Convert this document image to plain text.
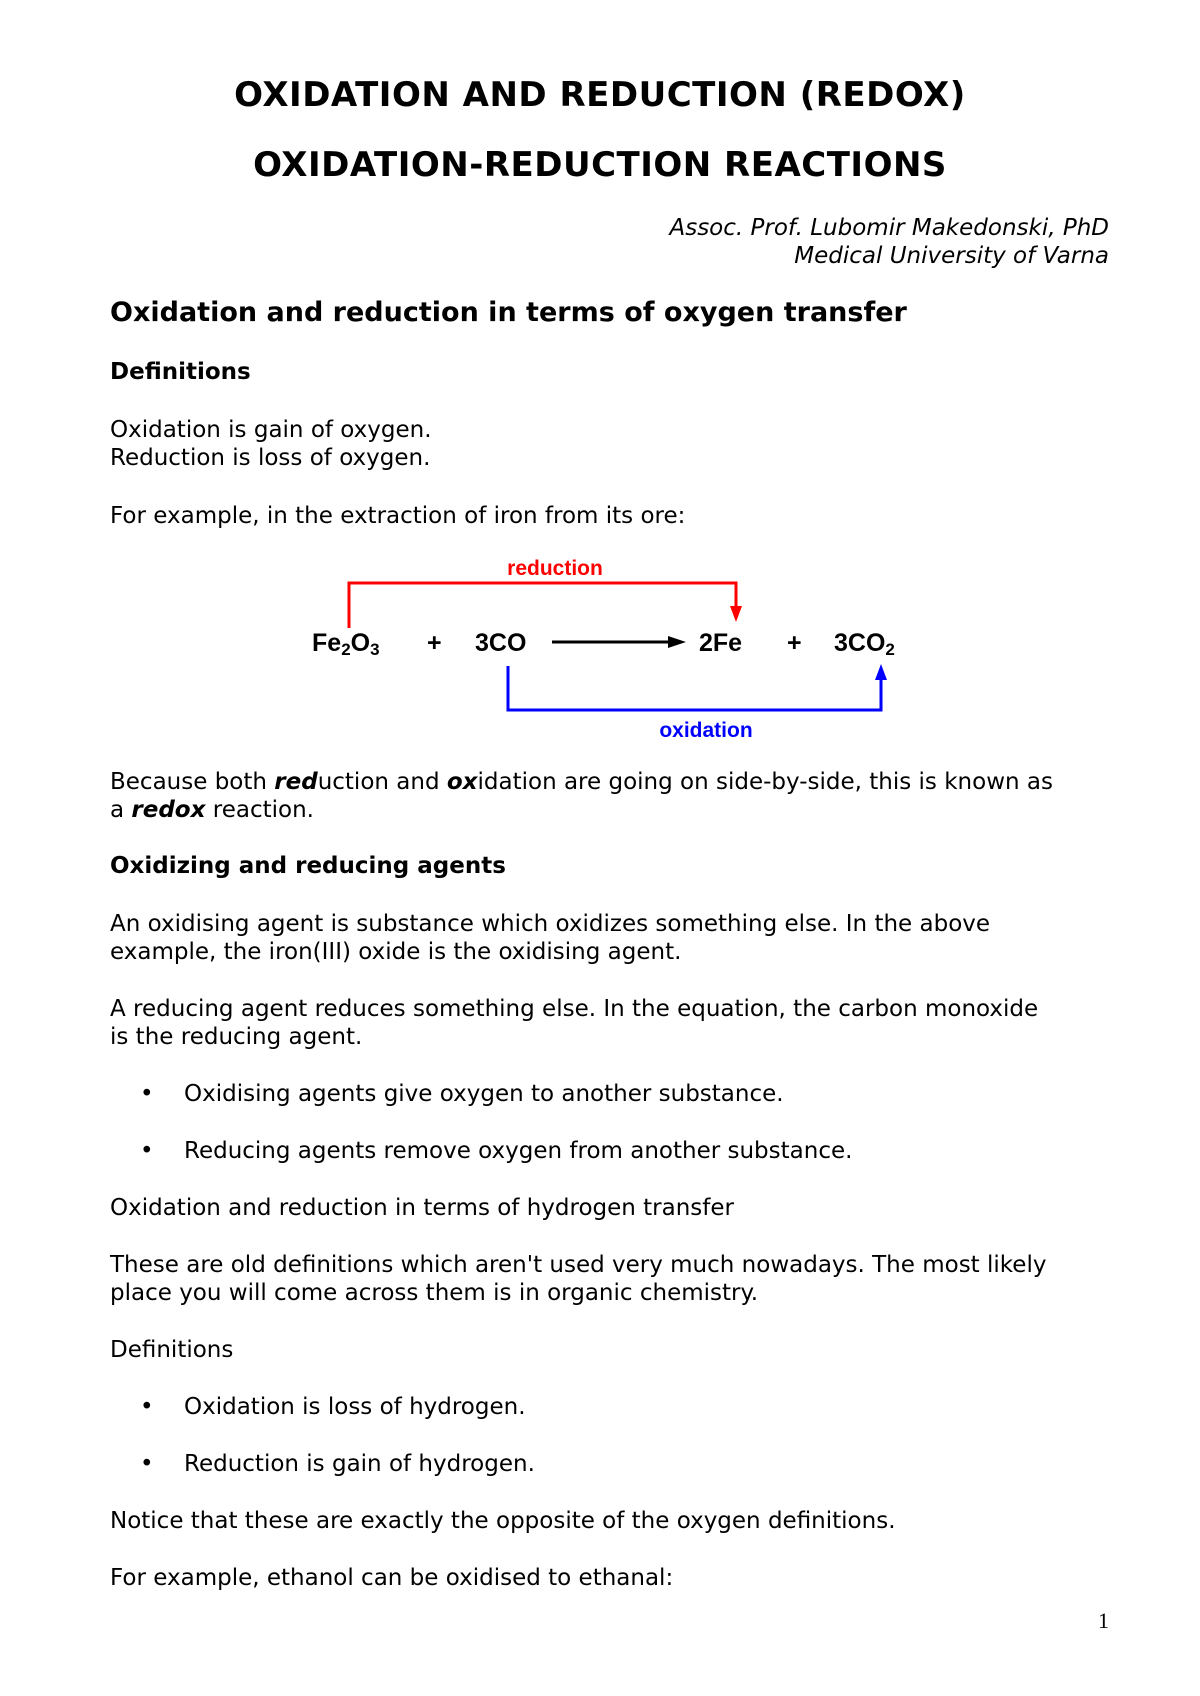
OXIDATION AND REDUCTION (REDOX)
OXIDATION-REDUCTION REACTIONS
Assoc. Prof. Lubomir Makedonski, PhD
Medical University of Varna
Oxidation and reduction in terms of oxygen transfer
Definitions
Oxidation is gain of oxygen.
Reduction is loss of oxygen.
For example, in the extraction of iron from its ore:
reduction
Fe2O3 + 3CO	2Fe + 3CO2
oxidation
Because both reduction and oxidation are going on side-by-side, this is known as
a redox reaction.
Oxidizing and reducing agents
An oxidising agent is substance which oxidizes something else. In the above
example, the iron(III) oxide is the oxidising agent.
A reducing agent reduces something else. In the equation, the carbon monoxide
is the reducing agent.
• Oxidising agents give oxygen to another substance.
• Reducing agents remove oxygen from another substance.
Oxidation and reduction in terms of hydrogen transfer
These are old definitions which aren't used very much nowadays. The most likely
place you will come across them is in organic chemistry.
Definitions
• Oxidation is loss of hydrogen.
• Reduction is gain of hydrogen.
Notice that these are exactly the opposite of the oxygen definitions.
For example, ethanol can be oxidised to ethanal:
1
